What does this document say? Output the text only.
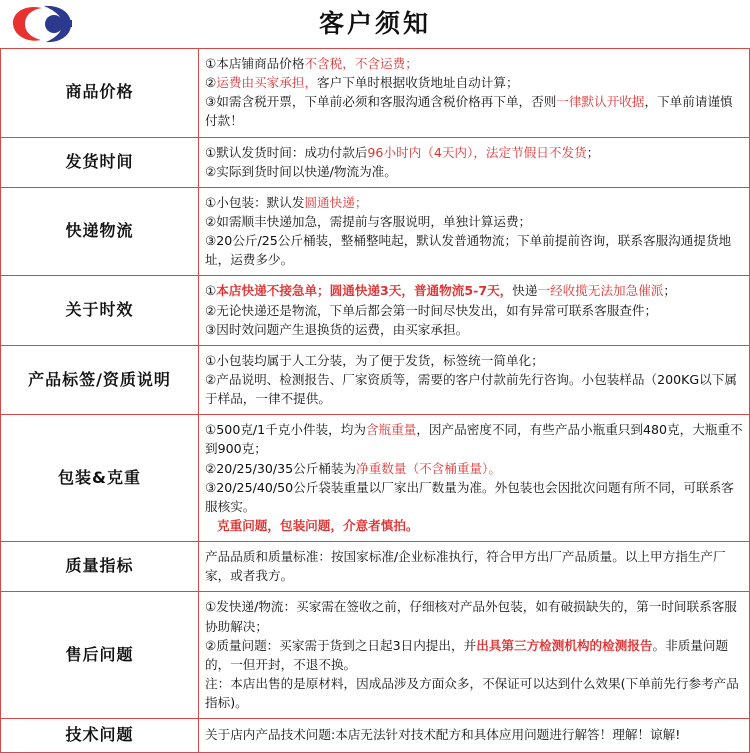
客户须知
商品价格	①本店铺商品价格不含税，不含运费；

②运费由买家承担，客户下单时根据收货地址自动计算；

③如需含税开票，下单前必须和客服沟通含税价格再下单，否则一律默认开收据，下单前请谨慎付款！

发货时间	①默认发货时间：成功付款后96小时内（4天内），法定节假日不发货；

②实际到货时间以快递/物流为准。

快递物流	①小包装：默认发圆通快递；

②如需顺丰快递加急，需提前与客服说明，单独计算运费；

③20公斤/25公斤桶装，整桶整吨起，默认发普通物流；下单前提前咨询，联系客服沟通提货地址，运费多少。

关于时效	①本店快递不接急单；圆通快递3天，普通物流5-7天，快递一经收揽无法加急催派；

②无论快递还是物流，下单后都会第一时间尽快发出，如有异常可联系客服查件；

③因时效问题产生退换货的运费，由买家承担。

产品标签/资质说明	①小包装均属于人工分装，为了便于发货，标签统一简单化；

②产品说明、检测报告、厂家资质等，需要的客户付款前先行咨询。小包装样品（200KG以下属于样品，一律不提供。

包装&克重	①500克/1千克小件装，均为含瓶重量，因产品密度不同，有些产品小瓶重只到480克，大瓶重不到900克；

②20/25/30/35公斤桶装为净重数量（不含桶重量）。

③20/25/40/50公斤袋装重量以厂家出厂数量为准。外包装也会因批次问题有所不同，可联系客服核实。

克重问题，包装问题，介意者慎拍。

质量指标	产品品质和质量标准：按国家标准/企业标准执行，符合甲方出厂产品质量。以上甲方指生产厂家，或者我方。

售后问题	①发快递/物流：买家需在签收之前，仔细核对产品外包装，如有破损缺失的，第一时间联系客服协助解决；

②质量问题：买家需于货到之日起3日内提出，并出具第三方检测机构的检测报告。非质量问题的，一但开封，不退不换。

注：本店出售的是原材料，因成品涉及方面众多，不保证可以达到什么效果(下单前先行参考产品指标)。

技术问题	关于店内产品技术问题:本店无法针对技术配方和具体应用问题进行解答！理解！谅解!
